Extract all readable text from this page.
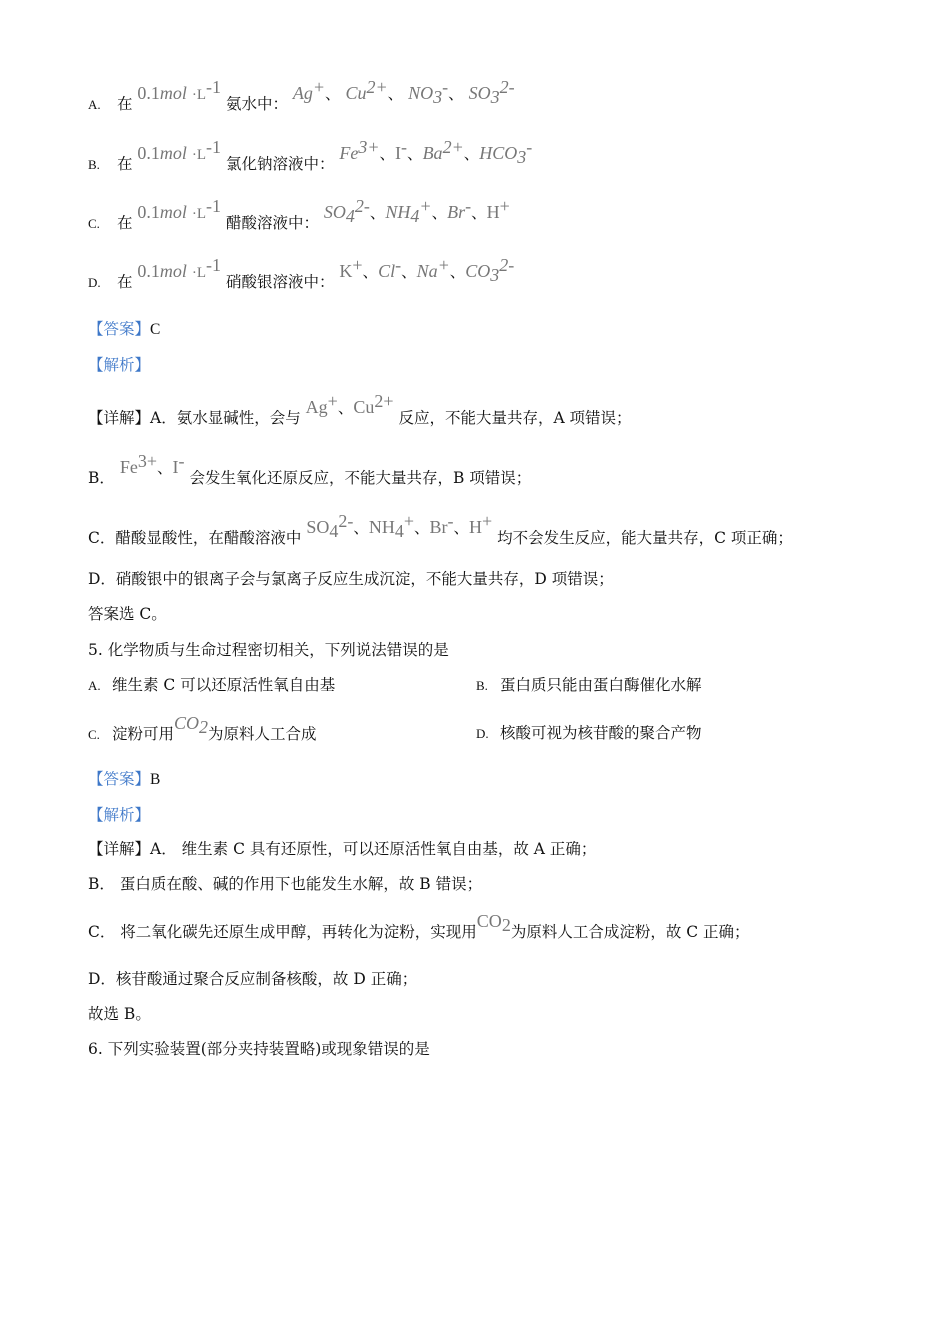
A. 在 $0.1mol \cdot L^{-1}$ 氨水中： Ag+、 $Cu^{2+}$、 $NO_3^-$、 $SO_3^{2-}$
B. 在 $0.1mol \cdot L^{-1}$ 氯化钠溶液中： $Fe^{3+}$、I-、$Ba^{2+}$、$HCO_3^-$
C. 在 $0.1mol \cdot L^{-1}$ 醋酸溶液中： $SO_4^{2-}$、$NH_4^+$、Br-、H+
D. 在 $0.1mol \cdot L^{-1}$ 硝酸银溶液中： K+、Cl-、Na+、$CO_3^{2-}$
【答案】C
【解析】
【详解】A．氨水显碱性，会与 Ag+、$Cu^{2+}$ 反应，不能大量共存，A 项错误；
B． $Fe^{3+}$、I- 会发生氧化还原反应，不能大量共存，B 项错误；
C．醋酸显酸性，在醋酸溶液中 $SO_4^{2-}$、$NH_4^+$、Br-、H+ 均不会发生反应，能大量共存，C 项正确；
D．硝酸银中的银离子会与氯离子反应生成沉淀，不能大量共存，D 项错误；
答案选 C。
5. 化学物质与生命过程密切相关，下列说法错误的是
A. 维生素 C 可以还原活性氧自由基	B. 蛋白质只能由蛋白酶催化水解
C. 淀粉可用$CO_2$为原料人工合成	D. 核酸可视为核苷酸的聚合产物
【答案】B
【解析】
【详解】A． 维生素 C 具有还原性，可以还原活性氧自由基，故 A 正确；
B． 蛋白质在酸、碱的作用下也能发生水解，故 B 错误；
C． 将二氧化碳先还原生成甲醇，再转化为淀粉，实现用$CO_2$为原料人工合成淀粉，故 C 正确；
D．核苷酸通过聚合反应制备核酸，故 D 正确；
故选 B。
6. 下列实验装置(部分夹持装置略)或现象错误的是
